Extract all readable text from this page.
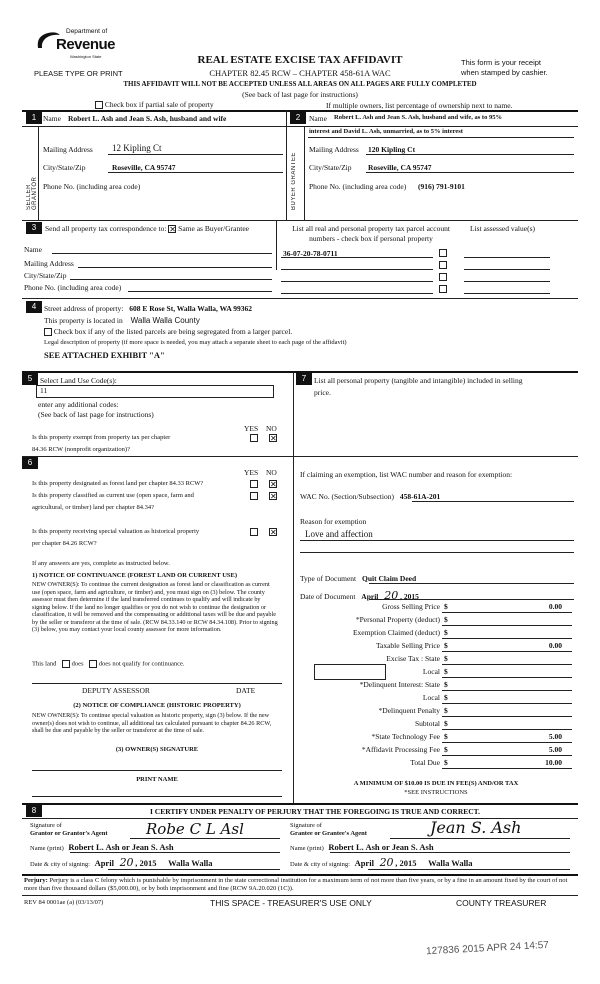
Department of
Revenue
Washington State
PLEASE TYPE OR PRINT
REAL ESTATE EXCISE TAX AFFIDAVIT
CHAPTER 82.45 RCW – CHAPTER 458-61A WAC
THIS AFFIDAVIT WILL NOT BE ACCEPTED UNLESS ALL AREAS ON ALL PAGES ARE FULLY COMPLETED
(See back of last page for instructions)
This form is your receipt
when stamped by cashier.
Check box if partial sale of property	If multiple owners, list percentage of ownership next to name.
1	2
SELLER GRANTOR	BUYER GRANTEE
Name Robert L. Ash and Jean S. Ash, husband and wife
Mailing Address 12 Kipling Ct
City/State/Zip	Roseville, CA 95747
Phone No. (including area code)
Name Robert L. Ash and Jean S. Ash, husband and wife, as to 95%
interest and David L. Ash, unmarried, as to 5% interest
Mailing Address 120 Kipling Ct
City/State/Zip Roseville, CA 95747
Phone No. (including area code) (916) 791-9101
3	Send all property tax correspondence to: ✕ Same as Buyer/Grantee	List all real and personal property tax parcel account numbers - check box if personal property
List assessed value(s)
Name
Mailing Address
City/State/Zip
Phone No. (including area code)
36-07-20-78-0711
4	Street address of property: 608 E Rose St, Walla Walla, WA 99362
This property is located in Walla Walla County
Check box if any of the listed parcels are being segregated from a larger parcel.
Legal description of property (if more space is needed, you may attach a separate sheet to each page of the affidavit)
SEE ATTACHED EXHIBIT "A"
5	Select Land Use Code(s):
11
enter any additional codes:
(See back of last page for instructions)
YES NO
Is this property exempt from property tax per chapter
84.36 RCW (nonprofit organization)?
✕
6
YES NO
Is this property designated as forest land per chapter 84.33 RCW?	✕
Is this property classified as current use (open space, farm and
agricultural, or timber) land per chapter 84.34?
✕
Is this property receiving special valuation as historical property
per chapter 84.26 RCW?
✕
If any answers are yes, complete as instructed below.
1) NOTICE OF CONTINUANCE (FOREST LAND OR CURRENT USE)
NEW OWNER(S): To continue the current designation as forest land or classification as current use (open space, farm and agriculture, or timber) and, you must sign on (3) below. The county assessor must then determine if the land transferred continues to qualify and will indicate by signing below. If the land no longer qualifies or you do not wish to continue the designation or classification, it will be removed and the compensating or additional taxes will be due and payable by the seller or transferor at the time of sale. (RCW 84.33.140 or RCW 84.34.108). Prior to signing (3) below, you may contact your local county assessor for more information.
This land does does not qualify for continuance.
DEPUTY ASSESSOR	DATE
(2) NOTICE OF COMPLIANCE (HISTORIC PROPERTY)
NEW OWNER(S): To continue special valuation as historic property, sign (3) below. If the new owner(s) does not wish to continue, all additional tax calculated pursuant to chapter 84.26 RCW, shall be due and payable by the seller or transferor at the time of sale.
(3) OWNER(S) SIGNATURE
PRINT NAME
7	List all personal property (tangible and intangible) included in selling
price.
If claiming an exemption, list WAC number and reason for exemption:
WAC No. (Section/Subsection) 458-61A-201
Reason for exemption
Love and affection
Type of Document Quit Claim Deed
Date of Document April 20 , 2015
Gross Selling Price $	0.00
*Personal Property (deduct) $
Exemption Claimed (deduct) $
Taxable Selling Price $	0.00
Excise Tax : State $
Local $
*Delinquent Interest: State $
Local $
*Delinquent Penalty $
Subtotal $
*State Technology Fee $	5.00
*Affidavit Processing Fee $	5.00
Total Due $	10.00
A MINIMUM OF $10.00 IS DUE IN FEE(S) AND/OR TAX
*SEE INSTRUCTIONS
8	I CERTIFY UNDER PENALTY OF PERJURY THAT THE FOREGOING IS TRUE AND CORRECT.
Signature of
Grantor or Grantor's Agent	Robe C L Asl
Name (print) Robert L. Ash or Jean S. Ash
Date & city of signing: April 20 , 2015 Walla Walla
Signature of
Grantee or Grantee's Agent	Jean S. Ash
Name (print) Robert L. Ash or Jean S. Ash
Date & city of signing: April 20 , 2015 Walla Walla
Perjury: Perjury is a class C felony which is punishable by imprisonment in the state correctional institution for a maximum term of not more than five years, or by a fine in an amount fixed by the court of not more than five thousand dollars ($5,000.00), or by both imprisonment and fine (RCW 9A.20.020 (1C)).
REV 84 0001ae (a) (03/13/07)	THIS SPACE - TREASURER'S USE ONLY	COUNTY TREASURER
127836 2015 APR 24 14:57
